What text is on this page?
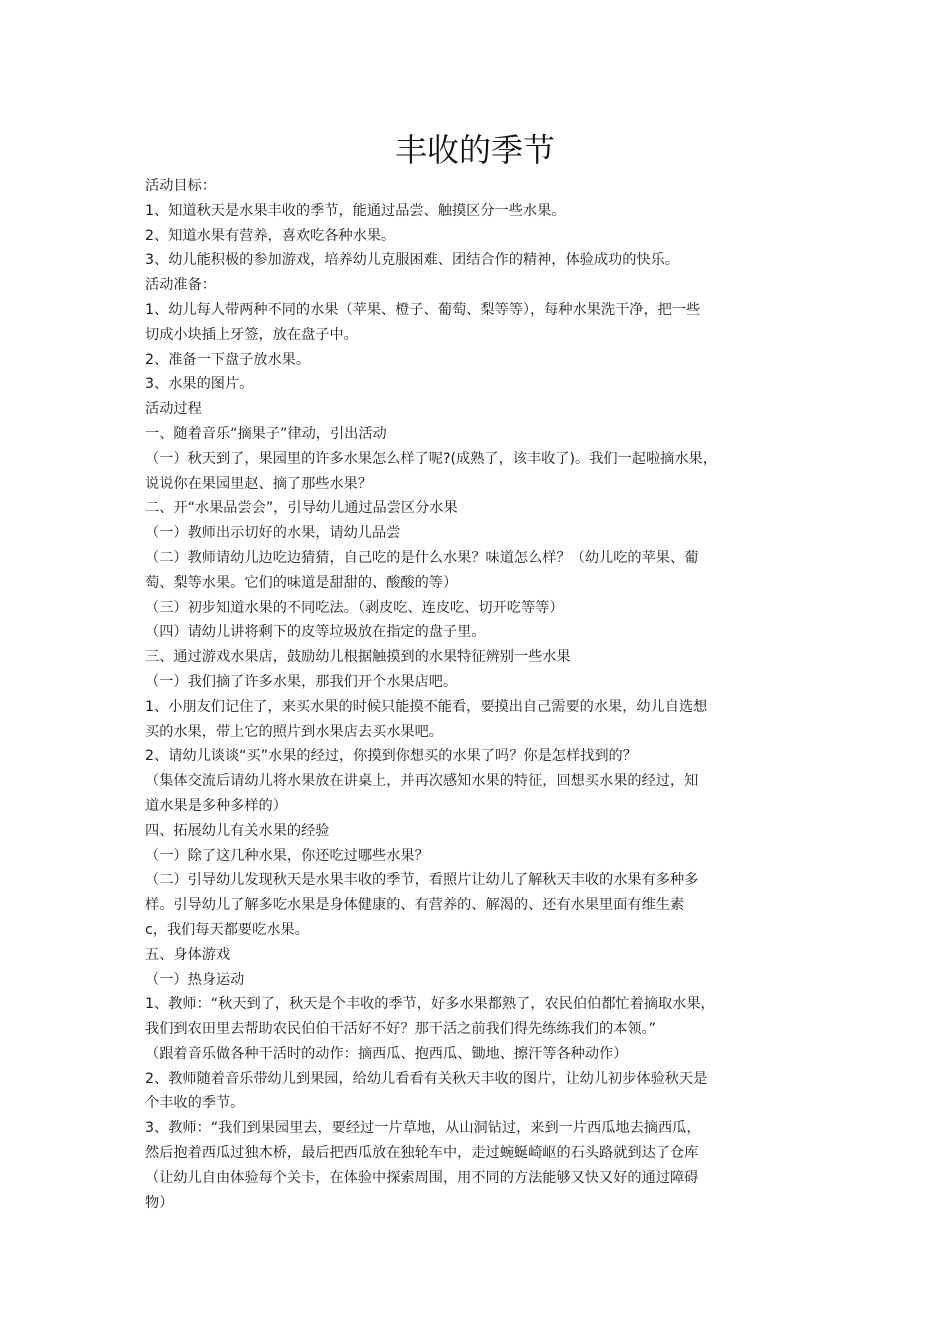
丰收的季节
活动目标：
1、知道秋天是水果丰收的季节，能通过品尝、触摸区分一些水果。
2、知道水果有营养，喜欢吃各种水果。
3、幼儿能积极的参加游戏，培养幼儿克服困难、团结合作的精神，体验成功的快乐。
活动准备：
1、幼儿每人带两种不同的水果（苹果、橙子、葡萄、梨等等），每种水果洗干净，把一些
切成小块插上牙签，放在盘子中。
2、准备一下盘子放水果。
3、水果的图片。
活动过程
一、随着音乐“摘果子”律动，引出活动
（一）秋天到了，果园里的许多水果怎么样了呢?(成熟了，该丰收了)。我们一起啦摘水果，
说说你在果园里赵、摘了那些水果？
二、开“水果品尝会”，引导幼儿通过品尝区分水果
（一）教师出示切好的水果，请幼儿品尝
（二）教师请幼儿边吃边猜猜，自己吃的是什么水果？味道怎么样？（幼儿吃的苹果、葡
萄、梨等水果。它们的味道是甜甜的、酸酸的等）
（三）初步知道水果的不同吃法。（剥皮吃、连皮吃、切开吃等等）
（四）请幼儿讲将剩下的皮等垃圾放在指定的盘子里。
三、通过游戏水果店，鼓励幼儿根据触摸到的水果特征辨别一些水果
（一）我们摘了许多水果，那我们开个水果店吧。
1、小朋友们记住了，来买水果的时候只能摸不能看，要摸出自己需要的水果，幼儿自选想
买的水果，带上它的照片到水果店去买水果吧。
2、请幼儿谈谈“买”水果的经过，你摸到你想买的水果了吗？你是怎样找到的？
（集体交流后请幼儿将水果放在讲桌上，并再次感知水果的特征，回想买水果的经过，知
道水果是多种多样的）
四、拓展幼儿有关水果的经验
（一）除了这几种水果，你还吃过哪些水果？
（二）引导幼儿发现秋天是水果丰收的季节，看照片让幼儿了解秋天丰收的水果有多种多
样。引导幼儿了解多吃水果是身体健康的、有营养的、解渴的、还有水果里面有维生素
c，我们每天都要吃水果。
五、身体游戏
（一）热身运动
1、教师：“秋天到了，秋天是个丰收的季节，好多水果都熟了，农民伯伯都忙着摘取水果，
我们到农田里去帮助农民伯伯干活好不好？那干活之前我们得先练练我们的本领。”
（跟着音乐做各种干活时的动作：摘西瓜、抱西瓜、锄地、擦汗等各种动作）
2、教师随着音乐带幼儿到果园，给幼儿看看有关秋天丰收的图片，让幼儿初步体验秋天是
个丰收的季节。
3、教师：“我们到果园里去，要经过一片草地，从山洞钻过，来到一片西瓜地去摘西瓜，
然后抱着西瓜过独木桥，最后把西瓜放在独轮车中，走过蜿蜒崎岖的石头路就到达了仓库
（让幼儿自由体验每个关卡，在体验中探索周围，用不同的方法能够又快又好的通过障碍
物）
